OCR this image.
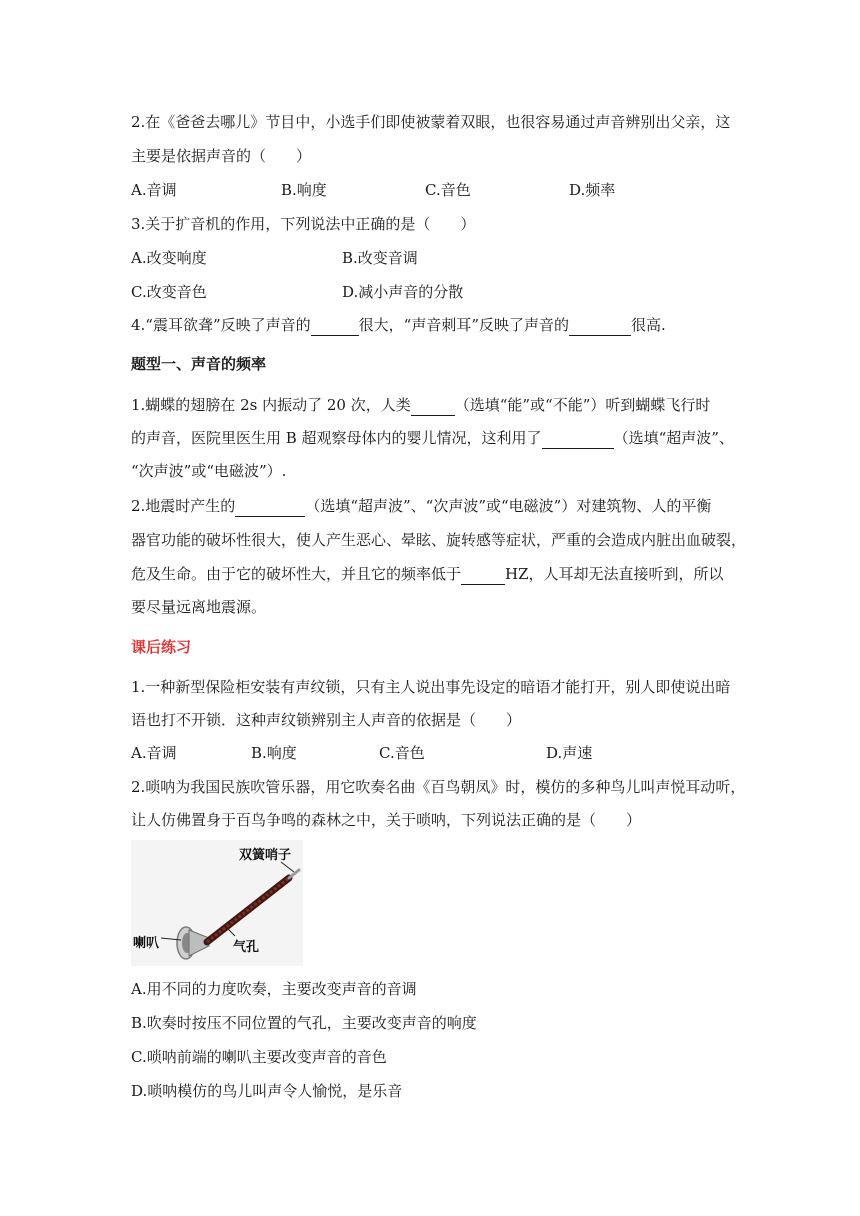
2.在《爸爸去哪儿》节目中，小选手们即使被蒙着双眼，也很容易通过声音辨别出父亲，这
主要是依据声音的（　　）
A.音调	B.响度	C.音色	D.频率
3.关于扩音机的作用，下列说法中正确的是（　　）
A.改变响度	B.改变音调
C.改变音色	D.减小声音的分散
4.“震耳欲聋”反映了声音的	很大，“声音刺耳”反映了声音的	很高.
题型一、声音的频率
1.蝴蝶的翅膀在 2s 内振动了 20 次，人类	（选填“能”或“不能”）听到蝴蝶飞行时
的声音，医院里医生用 B 超观察母体内的婴儿情况，这利用了	（选填“超声波”、
“次声波”或“电磁波”）.
2.地震时产生的	（选填“超声波”、“次声波”或“电磁波”）对建筑物、人的平衡
器官功能的破坏性很大，使人产生恶心、晕眩、旋转感等症状，严重的会造成内脏出血破裂，
危及生命。由于它的破坏性大，并且它的频率低于	HZ，人耳却无法直接听到，所以
要尽量远离地震源。
课后练习
1.一种新型保险柜安装有声纹锁，只有主人说出事先设定的暗语才能打开，别人即使说出暗
语也打不开锁．这种声纹锁辨别主人声音的依据是（　　）
A.音调	B.响度	C.音色	D.声速
2.唢呐为我国民族吹管乐器，用它吹奏名曲《百鸟朝凤》时，模仿的多种鸟儿叫声悦耳动听，
让人仿佛置身于百鸟争鸣的森林之中，关于唢呐，下列说法正确的是（　　）
双簧哨子
喇叭	气孔
A.用不同的力度吹奏，主要改变声音的音调
B.吹奏时按压不同位置的气孔，主要改变声音的响度
C.唢呐前端的喇叭主要改变声音的音色
D.唢呐模仿的鸟儿叫声令人愉悦，是乐音
